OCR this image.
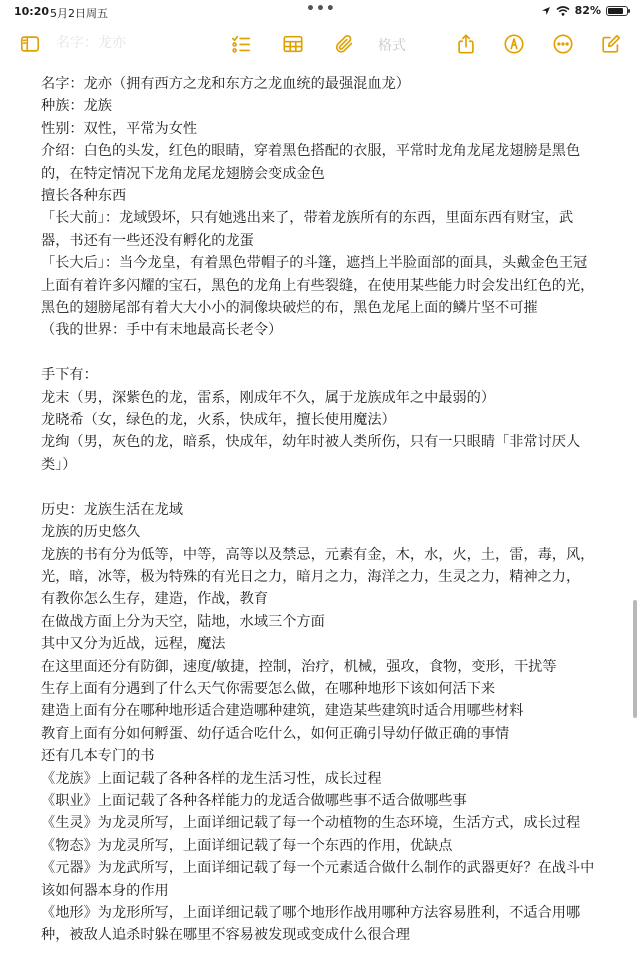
10:20 5月2日周五	•••	82%
名字：龙亦	格式
名字：龙亦（拥有西方之龙和东方之龙血统的最强混血龙）
种族：龙族
性别：双性，平常为女性
介绍：白色的头发，红色的眼睛，穿着黑色搭配的衣服，平常时龙角龙尾龙翅膀是黑色的，在特定情况下龙角龙尾龙翅膀会变成金色
擅长各种东西
「长大前」：龙域毁坏，只有她逃出来了，带着龙族所有的东西，里面东西有财宝，武器，书还有一些还没有孵化的龙蛋
「长大后」：当今龙皇，有着黑色带帽子的斗篷，遮挡上半脸面部的面具，头戴金色王冠上面有着许多闪耀的宝石，黑色的龙角上有些裂缝，在使用某些能力时会发出红色的光，黑色的翅膀尾部有着大大小小的洞像块破烂的布，黑色龙尾上面的鳞片坚不可摧
（我的世界：手中有末地最高长老令）
手下有：
龙末（男，深紫色的龙，雷系，刚成年不久，属于龙族成年之中最弱的）
龙晓希（女，绿色的龙，火系，快成年，擅长使用魔法）
龙绚（男，灰色的龙，暗系，快成年，幼年时被人类所伤，只有一只眼睛「非常讨厌人类」）
历史：龙族生活在龙域
龙族的历史悠久
龙族的书有分为低等，中等，高等以及禁忌，元素有金，木，水，火，土，雷，毒，风，光，暗，冰等，极为特殊的有光日之力，暗月之力，海洋之力，生灵之力，精神之力，
有教你怎么生存，建造，作战，教育
在做战方面上分为天空，陆地，水域三个方面
其中又分为近战，远程，魔法
在这里面还分有防御，速度/敏捷，控制，治疗，机械，强攻，食物，变形，干扰等
生存上面有分遇到了什么天气你需要怎么做，在哪种地形下该如何活下来
建造上面有分在哪种地形适合建造哪种建筑，建造某些建筑时适合用哪些材料
教育上面有分如何孵蛋、幼仔适合吃什么，如何正确引导幼仔做正确的事情
还有几本专门的书
《龙族》上面记载了各种各样的龙生活习性，成长过程
《职业》上面记载了各种各样能力的龙适合做哪些事不适合做哪些事
《生灵》为龙灵所写，上面详细记载了每一个动植物的生态环境，生活方式，成长过程
《物态》为龙灵所写，上面详细记载了每一个东西的作用，优缺点
《元器》为龙武所写，上面详细记载了每一个元素适合做什么制作的武器更好？在战斗中该如何器本身的作用
《地形》为龙形所写，上面详细记载了哪个地形作战用哪种方法容易胜利，不适合用哪种，被敌人追杀时躲在哪里不容易被发现或变成什么很合理
